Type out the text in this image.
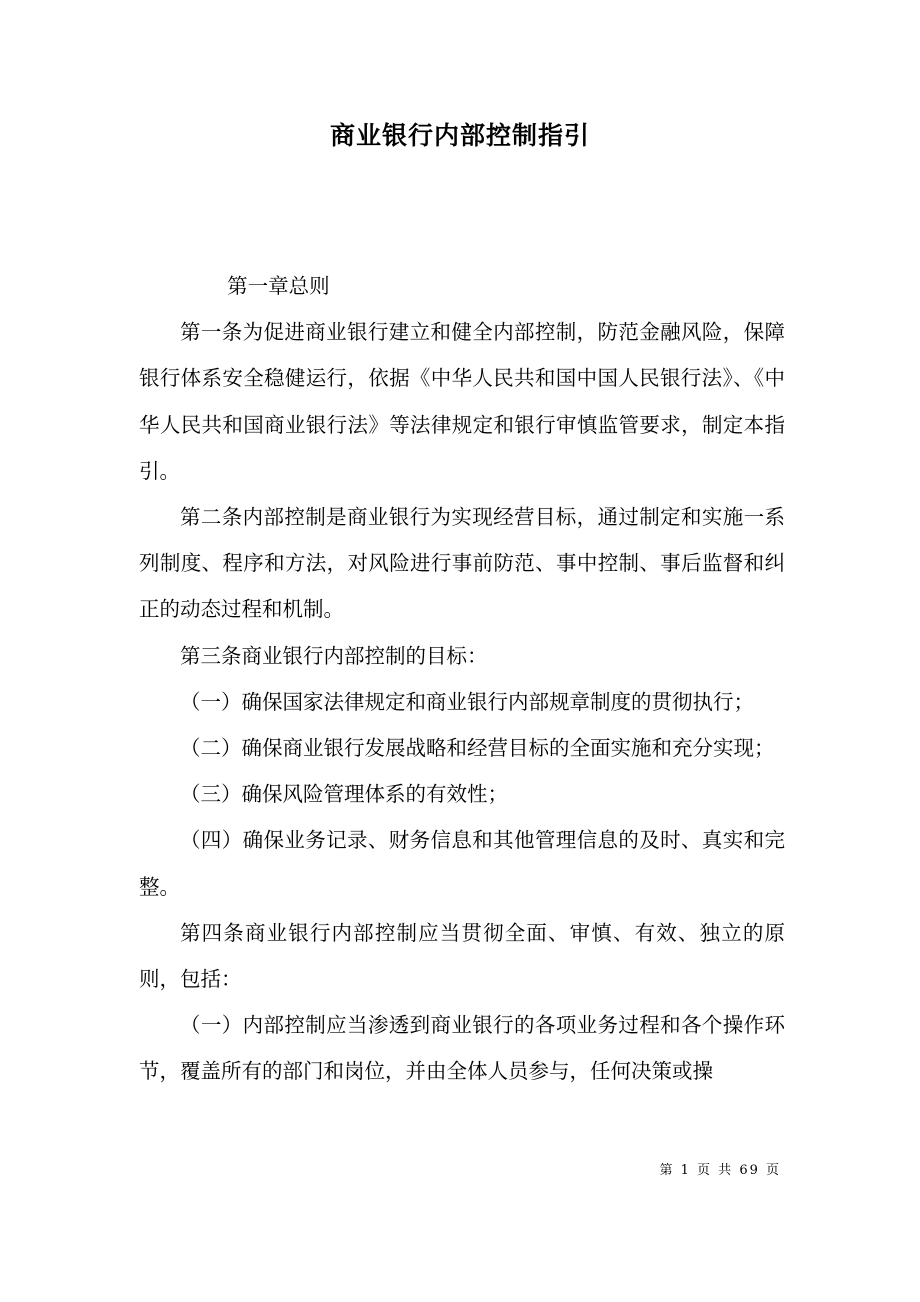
商业银行内部控制指引

第一章总则

第一条为促进商业银行建立和健全内部控制，防范金融风险，保障银行体系安全稳健运行，依据《中华人民共和国中国人民银行法》、《中华人民共和国商业银行法》等法律规定和银行审慎监管要求，制定本指引。

第二条内部控制是商业银行为实现经营目标，通过制定和实施一系列制度、程序和方法，对风险进行事前防范、事中控制、事后监督和纠正的动态过程和机制。

第三条商业银行内部控制的目标：

（一）确保国家法律规定和商业银行内部规章制度的贯彻执行；

（二）确保商业银行发展战略和经营目标的全面实施和充分实现；

（三）确保风险管理体系的有效性；

（四）确保业务记录、财务信息和其他管理信息的及时、真实和完整。

第四条商业银行内部控制应当贯彻全面、审慎、有效、独立的原则，包括：

（一）内部控制应当渗透到商业银行的各项业务过程和各个操作环节，覆盖所有的部门和岗位，并由全体人员参与，任何决策或操

第 1 页 共 69 页
